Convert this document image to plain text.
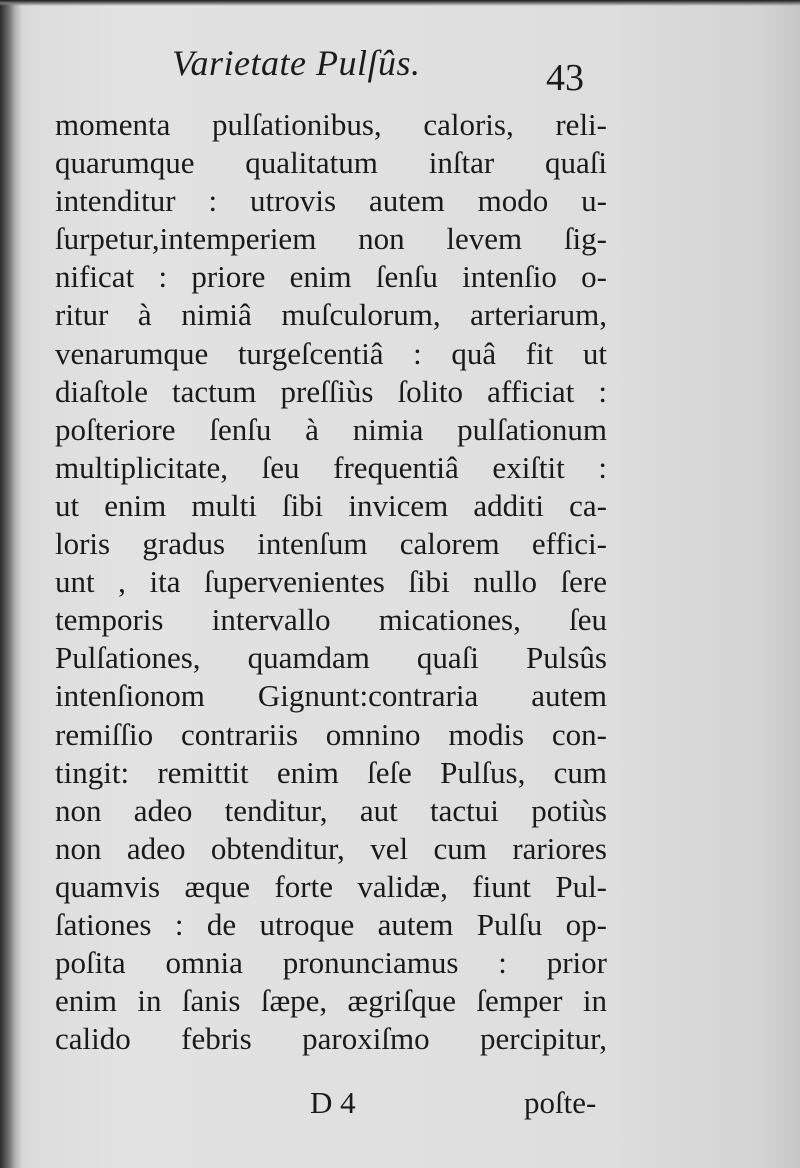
Varietate Pulſûs.	43
momenta pulſationibus, caloris, reli-
quarumque qualitatum inſtar quaſi
intenditur : utrovis autem modo u-
ſurpetur,intemperiem non levem ſig-
nificat : priore enim ſenſu intenſio o-
ritur à nimiâ muſculorum, arteriarum,
venarumque turgeſcentiâ : quâ fit ut
diaſtole tactum preſſiùs ſolito afficiat :
poſteriore ſenſu à nimia pulſationum
multiplicitate, ſeu frequentiâ exiſtit :
ut enim multi ſibi invicem additi ca-
loris gradus intenſum calorem effici-
unt , ita ſupervenientes ſibi nullo ſere
temporis intervallo micationes, ſeu
Pulſationes, quamdam quaſi Pulsûs
intenſionom Gignunt:contraria autem
remiſſio contrariis omnino modis con-
tingit: remittit enim ſeſe Pulſus, cum
non adeo tenditur, aut tactui potiùs
non adeo obtenditur, vel cum rariores
quamvis æque forte validæ, fiunt Pul-
ſationes : de utroque autem Pulſu op-
poſita omnia pronunciamus : prior
enim in ſanis ſæpe, ægriſque ſemper in
calido febris paroxiſmo percipitur,
D 4	poſte-
